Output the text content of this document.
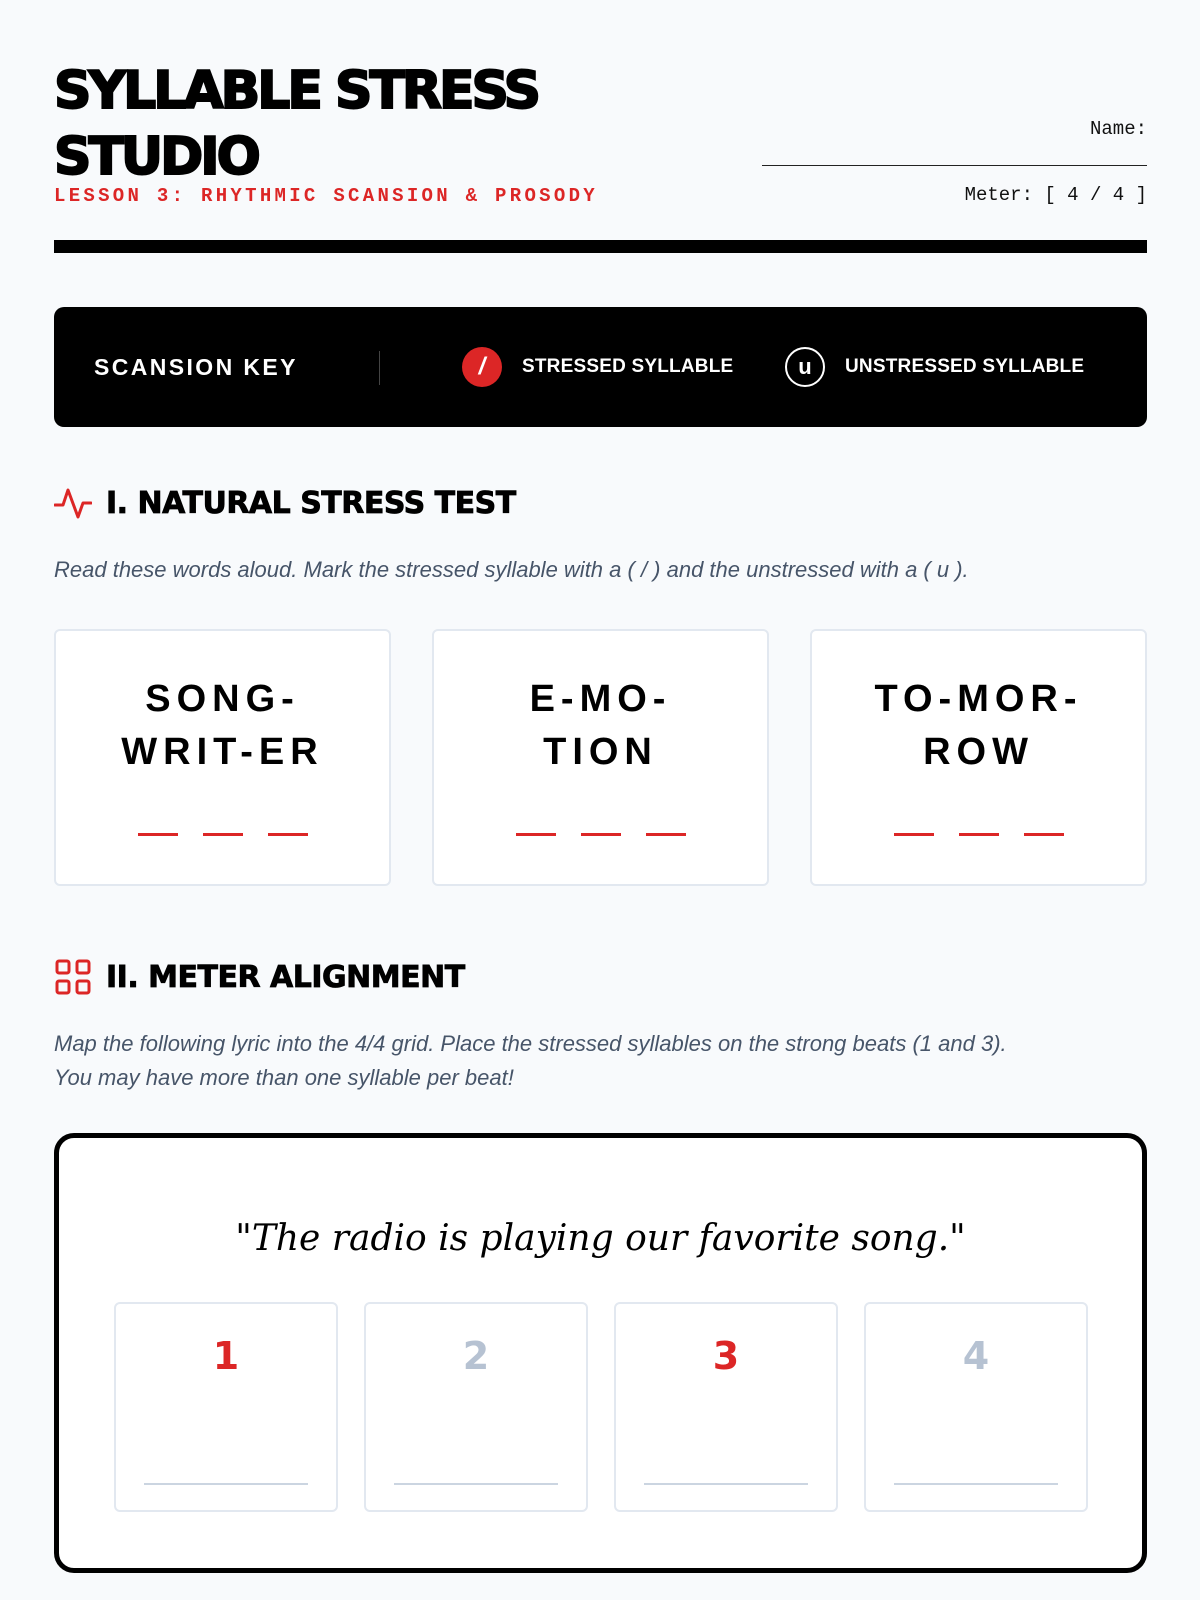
SYLLABLE STRESS
STUDIO
LESSON 3: RHYTHMIC SCANSION & PROSODY
Name:
Meter: [ 4 / 4 ]
SCANSION KEY	/	STRESSED SYLLABLE	u	UNSTRESSED SYLLABLE
I. NATURAL STRESS TEST
Read these words aloud. Mark the stressed syllable with a ( / ) and the unstressed with a ( u ).
SONG-
WRIT-ER
E-MO-
TION
TO-MOR-
ROW
II. METER ALIGNMENT
Map the following lyric into the 4/4 grid. Place the stressed syllables on the strong beats (1 and 3).
You may have more than one syllable per beat!
"The radio is playing our favorite song."
1	2	3	4
